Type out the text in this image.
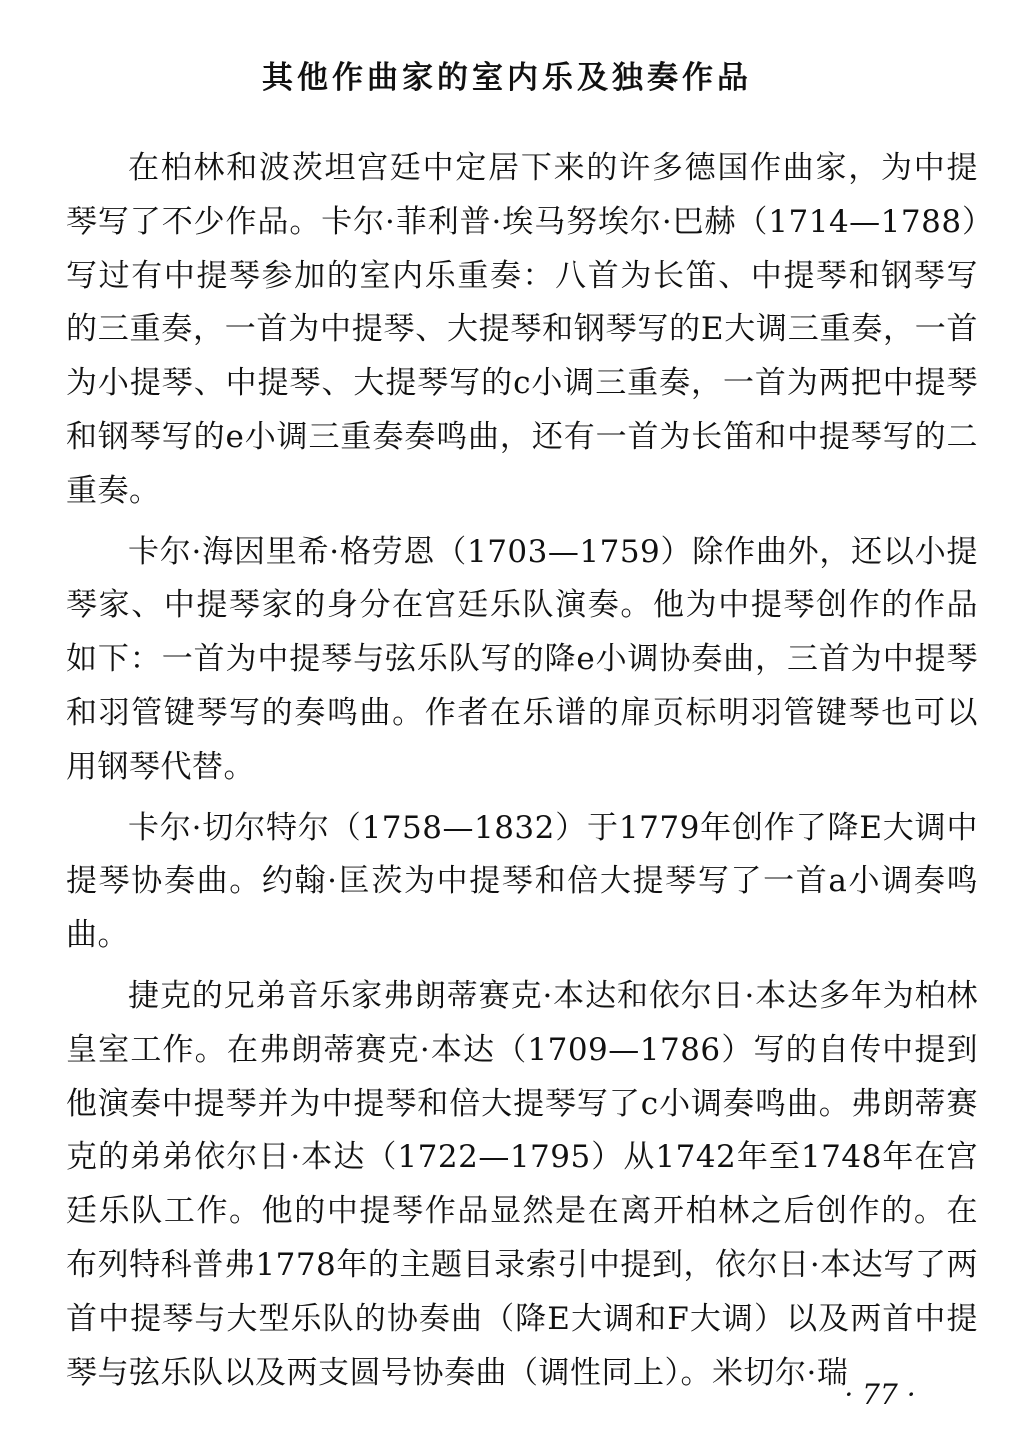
其他作曲家的室内乐及独奏作品

在柏林和波茨坦宫廷中定居下来的许多德国作曲家，为中提琴写了不少作品。卡尔·菲利普·埃马努埃尔·巴赫（1714—1788）写过有中提琴参加的室内乐重奏：八首为长笛、中提琴和钢琴写的三重奏，一首为中提琴、大提琴和钢琴写的E大调三重奏，一首为小提琴、中提琴、大提琴写的c小调三重奏，一首为两把中提琴和钢琴写的e小调三重奏奏鸣曲，还有一首为长笛和中提琴写的二重奏。

卡尔·海因里希·格劳恩（1703—1759）除作曲外，还以小提琴家、中提琴家的身分在宫廷乐队演奏。他为中提琴创作的作品如下：一首为中提琴与弦乐队写的降e小调协奏曲，三首为中提琴和羽管键琴写的奏鸣曲。作者在乐谱的扉页标明羽管键琴也可以用钢琴代替。

卡尔·切尔特尔（1758—1832）于1779年创作了降E大调中提琴协奏曲。约翰·匡茨为中提琴和倍大提琴写了一首a小调奏鸣曲。

捷克的兄弟音乐家弗朗蒂赛克·本达和依尔日·本达多年为柏林皇室工作。在弗朗蒂赛克·本达（1709—1786）写的自传中提到他演奏中提琴并为中提琴和倍大提琴写了c小调奏鸣曲。弗朗蒂赛克的弟弟依尔日·本达（1722—1795）从1742年至1748年在宫廷乐队工作。他的中提琴作品显然是在离开柏林之后创作的。在布列特科普弗1778年的主题目录索引中提到，依尔日·本达写了两首中提琴与大型乐队的协奏曲（降E大调和F大调）以及两首中提琴与弦乐队以及两支圆号协奏曲（调性同上）。米切尔·瑞

· 77 ·
